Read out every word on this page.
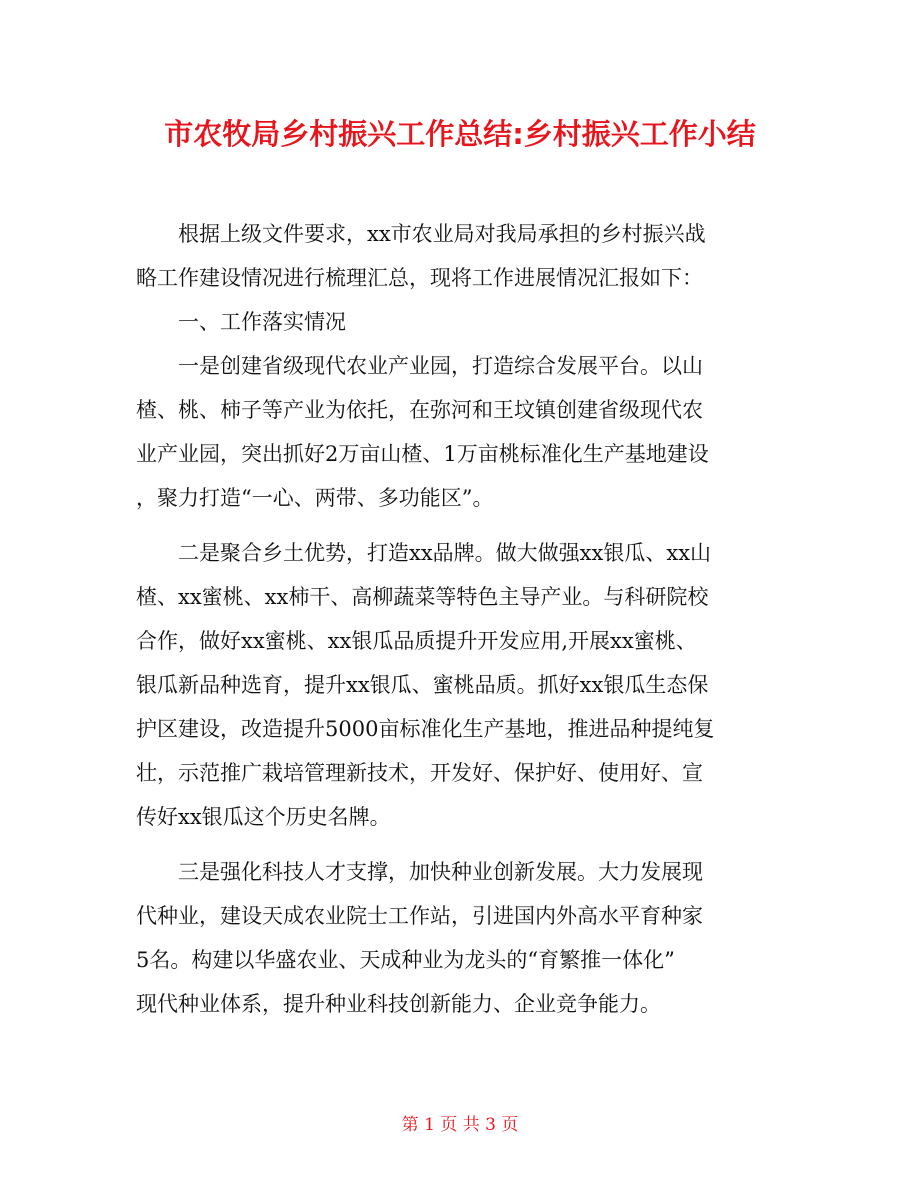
市农牧局乡村振兴工作总结:乡村振兴工作小结
　　根据上级文件要求，xx市农业局对我局承担的乡村振兴战
略工作建设情况进行梳理汇总，现将工作进展情况汇报如下：
　　一、工作落实情况
　　一是创建省级现代农业产业园，打造综合发展平台。以山
楂、桃、柿子等产业为依托，在弥河和王坟镇创建省级现代农
业产业园，突出抓好2万亩山楂、1万亩桃标准化生产基地建设
，聚力打造“一心、两带、多功能区”。
　　二是聚合乡土优势，打造xx品牌。做大做强xx银瓜、xx山
楂、xx蜜桃、xx柿干、高柳蔬菜等特色主导产业。与科研院校
合作，做好xx蜜桃、xx银瓜品质提升开发应用,开展xx蜜桃、
银瓜新品种选育，提升xx银瓜、蜜桃品质。抓好xx银瓜生态保
护区建设，改造提升5000亩标准化生产基地，推进品种提纯复
壮，示范推广栽培管理新技术，开发好、保护好、使用好、宣
传好xx银瓜这个历史名牌。
　　三是强化科技人才支撑，加快种业创新发展。大力发展现
代种业，建设天成农业院士工作站，引进国内外高水平育种家
5名。构建以华盛农业、天成种业为龙头的“育繁推一体化”
现代种业体系，提升种业科技创新能力、企业竞争能力。
第 1 页 共 3 页
